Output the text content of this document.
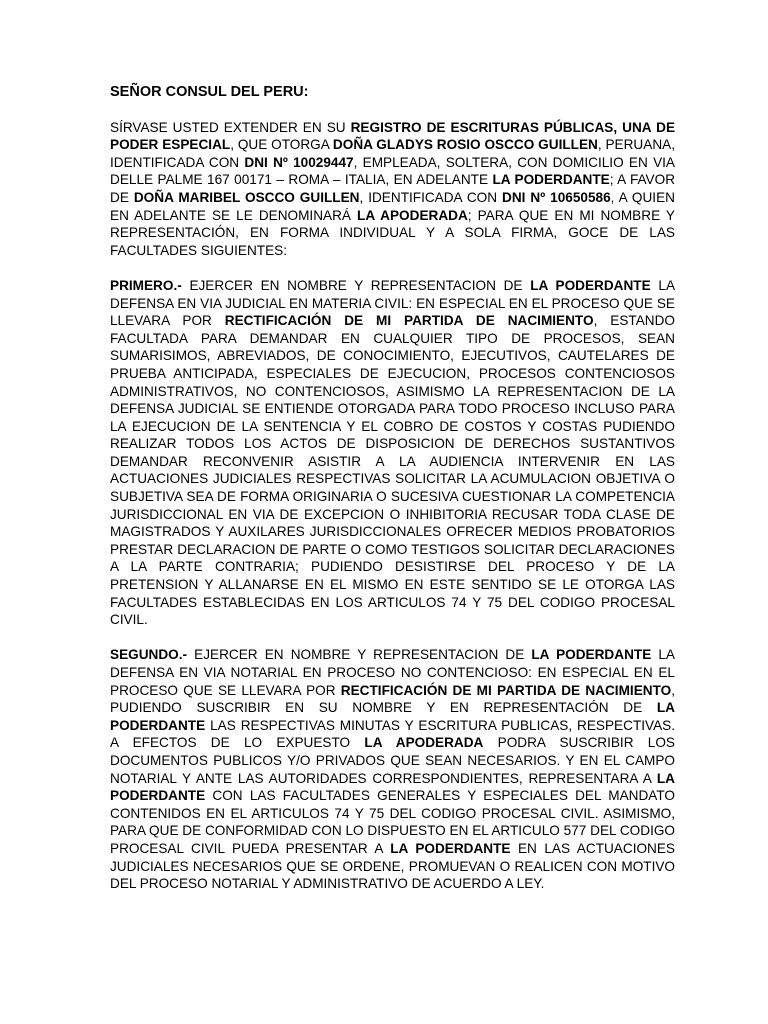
SEÑOR CONSUL DEL PERU:

SÍRVASE USTED EXTENDER EN SU REGISTRO DE ESCRITURAS PÚBLICAS, UNA DE PODER ESPECIAL, QUE OTORGA DOÑA GLADYS ROSIO OSCCO GUILLEN, PERUANA, IDENTIFICADA CON DNI Nº 10029447, EMPLEADA, SOLTERA, CON DOMICILIO EN VIA DELLE PALME 167 00171 – ROMA – ITALIA, EN ADELANTE LA PODERDANTE; A FAVOR DE DOÑA MARIBEL OSCCO GUILLEN, IDENTIFICADA CON DNI Nº 10650586, A QUIEN EN ADELANTE SE LE DENOMINARÁ LA APODERADA; PARA QUE EN MI NOMBRE Y REPRESENTACIÓN, EN FORMA INDIVIDUAL Y A SOLA FIRMA, GOCE DE LAS FACULTADES SIGUIENTES:

PRIMERO.- EJERCER EN NOMBRE Y REPRESENTACION DE LA PODERDANTE LA DEFENSA EN VIA JUDICIAL EN MATERIA CIVIL: EN ESPECIAL EN EL PROCESO QUE SE LLEVARA POR RECTIFICACIÓN DE MI PARTIDA DE NACIMIENTO, ESTANDO FACULTADA PARA DEMANDAR EN CUALQUIER TIPO DE PROCESOS, SEAN SUMARISIMOS, ABREVIADOS, DE CONOCIMIENTO, EJECUTIVOS, CAUTELARES DE PRUEBA ANTICIPADA, ESPECIALES DE EJECUCION, PROCESOS CONTENCIOSOS ADMINISTRATIVOS, NO CONTENCIOSOS, ASIMISMO LA REPRESENTACION DE LA DEFENSA JUDICIAL SE ENTIENDE OTORGADA PARA TODO PROCESO INCLUSO PARA LA EJECUCION DE LA SENTENCIA Y EL COBRO DE COSTOS Y COSTAS PUDIENDO REALIZAR TODOS LOS ACTOS DE DISPOSICION DE DERECHOS SUSTANTIVOS DEMANDAR RECONVENIR ASISTIR A LA AUDIENCIA INTERVENIR EN LAS ACTUACIONES JUDICIALES RESPECTIVAS SOLICITAR LA ACUMULACION OBJETIVA O SUBJETIVA SEA DE FORMA ORIGINARIA O SUCESIVA CUESTIONAR LA COMPETENCIA JURISDICCIONAL EN VIA DE EXCEPCION O INHIBITORIA RECUSAR TODA CLASE DE MAGISTRADOS Y AUXILARES JURISDICCIONALES OFRECER MEDIOS PROBATORIOS PRESTAR DECLARACION DE PARTE O COMO TESTIGOS SOLICITAR DECLARACIONES A LA PARTE CONTRARIA; PUDIENDO DESISTIRSE DEL PROCESO Y DE LA PRETENSION Y ALLANARSE EN EL MISMO EN ESTE SENTIDO SE LE OTORGA LAS FACULTADES ESTABLECIDAS EN LOS ARTICULOS 74 Y 75 DEL CODIGO PROCESAL CIVIL.

SEGUNDO.- EJERCER EN NOMBRE Y REPRESENTACION DE LA PODERDANTE LA DEFENSA EN VIA NOTARIAL EN PROCESO NO CONTENCIOSO: EN ESPECIAL EN EL PROCESO QUE SE LLEVARA POR RECTIFICACIÓN DE MI PARTIDA DE NACIMIENTO, PUDIENDO SUSCRIBIR EN SU NOMBRE Y EN REPRESENTACIÓN DE LA PODERDANTE LAS RESPECTIVAS MINUTAS Y ESCRITURA PUBLICAS, RESPECTIVAS. A EFECTOS DE LO EXPUESTO LA APODERADA PODRA SUSCRIBIR LOS DOCUMENTOS PUBLICOS Y/O PRIVADOS QUE SEAN NECESARIOS. Y EN EL CAMPO NOTARIAL Y ANTE LAS AUTORIDADES CORRESPONDIENTES, REPRESENTARA A LA PODERDANTE CON LAS FACULTADES GENERALES Y ESPECIALES DEL MANDATO CONTENIDOS EN EL ARTICULOS 74 Y 75 DEL CODIGO PROCESAL CIVIL. ASIMISMO, PARA QUE DE CONFORMIDAD CON LO DISPUESTO EN EL ARTICULO 577 DEL CODIGO PROCESAL CIVIL PUEDA PRESENTAR A LA PODERDANTE EN LAS ACTUACIONES JUDICIALES NECESARIOS QUE SE ORDENE, PROMUEVAN O REALICEN CON MOTIVO DEL PROCESO NOTARIAL Y ADMINISTRATIVO DE ACUERDO A LEY.
